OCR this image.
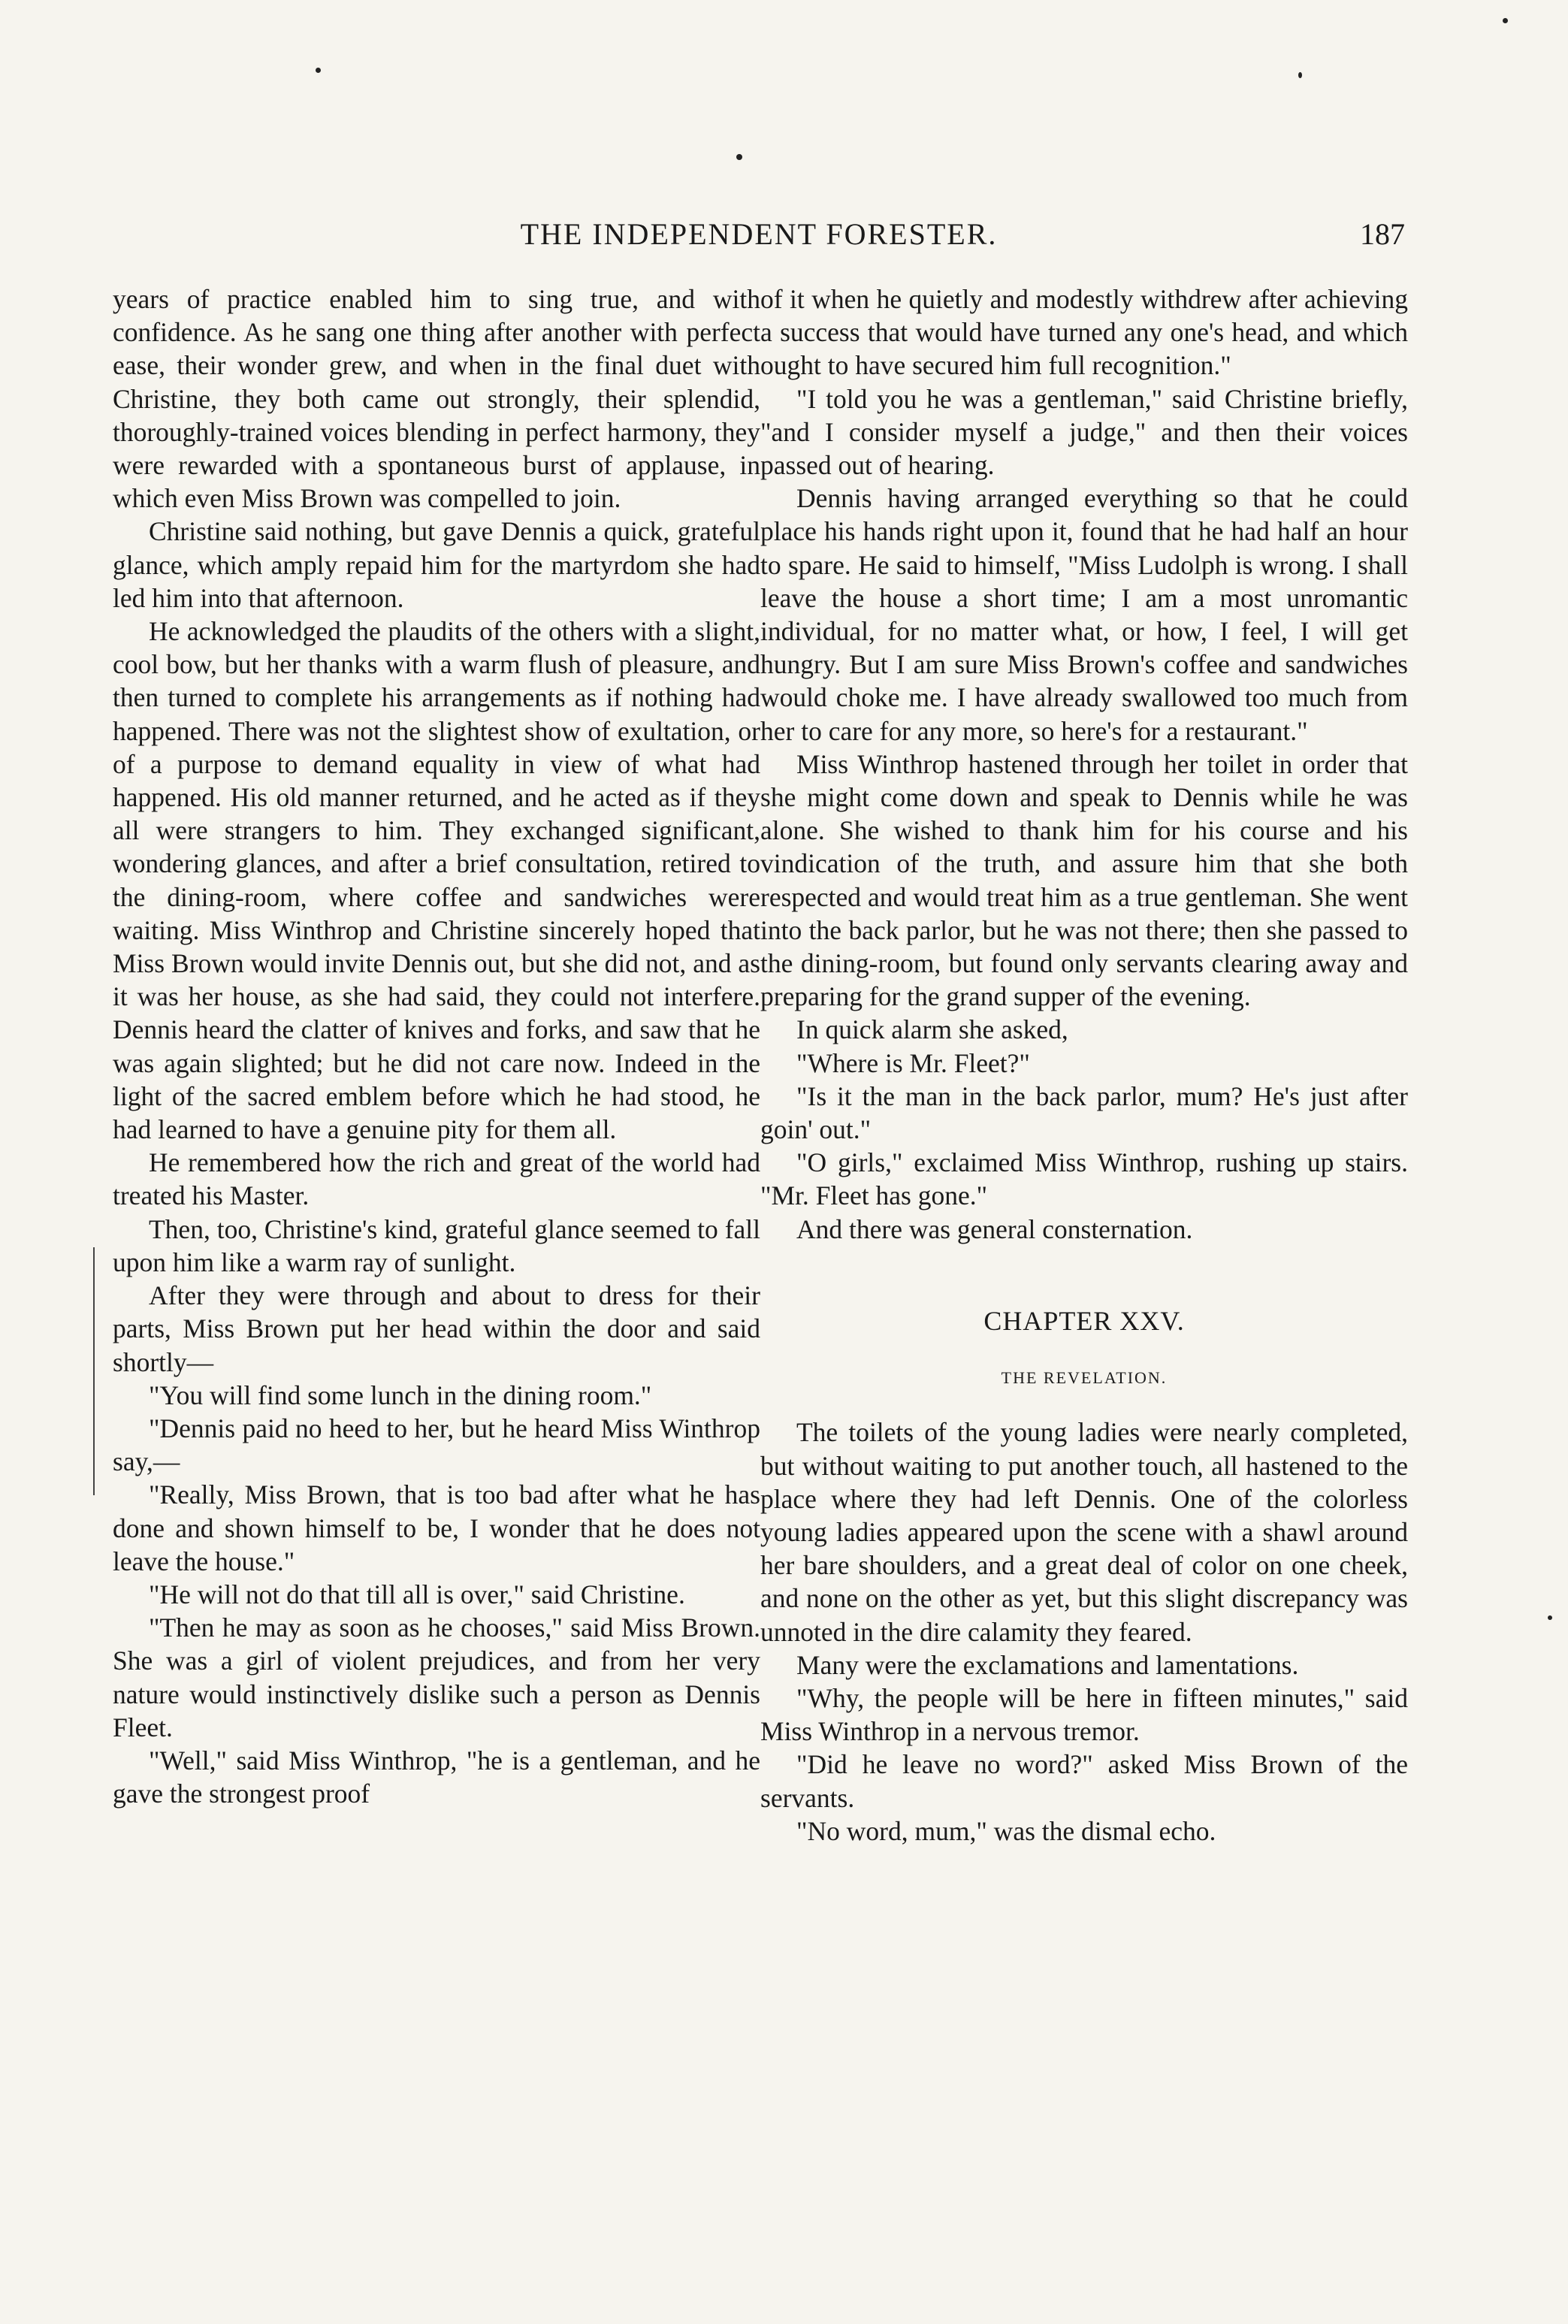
THE INDEPENDENT FORESTER.	187

years of practice enabled him to sing true, and with confidence. As he sang one thing after another with perfect ease, their wonder grew, and when in the final duet with Christine, they both came out strongly, their splendid, thoroughly-trained voices blending in perfect harmony, they were rewarded with a spontaneous burst of applause, in which even Miss Brown was compelled to join.

Christine said nothing, but gave Dennis a quick, grateful glance, which amply repaid him for the martyrdom she had led him into that afternoon.

He acknowledged the plaudits of the others with a slight, cool bow, but her thanks with a warm flush of pleasure, and then turned to complete his arrangements as if nothing had happened. There was not the slightest show of exultation, or of a purpose to demand equality in view of what had happened. His old manner returned, and he acted as if they all were strangers to him. They exchanged significant, wondering glances, and after a brief consultation, retired to the dining-room, where coffee and sandwiches were waiting. Miss Winthrop and Christine sincerely hoped that Miss Brown would invite Dennis out, but she did not, and as it was her house, as she had said, they could not interfere. Dennis heard the clatter of knives and forks, and saw that he was again slighted; but he did not care now. Indeed in the light of the sacred emblem before which he had stood, he had learned to have a genuine pity for them all.

He remembered how the rich and great of the world had treated his Master.

Then, too, Christine's kind, grateful glance seemed to fall upon him like a warm ray of sunlight.

After they were through and about to dress for their parts, Miss Brown put her head within the door and said shortly—

"You will find some lunch in the dining room."

"Dennis paid no heed to her, but he heard Miss Winthrop say,—

"Really, Miss Brown, that is too bad after what he has done and shown himself to be, I wonder that he does not leave the house."

"He will not do that till all is over," said Christine.

"Then he may as soon as he chooses," said Miss Brown. She was a girl of violent prejudices, and from her very nature would instinctively dislike such a person as Dennis Fleet.

"Well," said Miss Winthrop, "he is a gentleman, and he gave the strongest proof

of it when he quietly and modestly withdrew after achieving a success that would have turned any one's head, and which ought to have secured him full recognition."

"I told you he was a gentleman," said Christine briefly, "and I consider myself a judge," and then their voices passed out of hearing.

Dennis having arranged everything so that he could place his hands right upon it, found that he had half an hour to spare. He said to himself, "Miss Ludolph is wrong. I shall leave the house a short time; I am a most unromantic individual, for no matter what, or how, I feel, I will get hungry. But I am sure Miss Brown's coffee and sandwiches would choke me. I have already swallowed too much from her to care for any more, so here's for a restaurant."

Miss Winthrop hastened through her toilet in order that she might come down and speak to Dennis while he was alone. She wished to thank him for his course and his vindication of the truth, and assure him that she both respected and would treat him as a true gentleman. She went into the back parlor, but he was not there; then she passed to the dining-room, but found only servants clearing away and preparing for the grand supper of the evening.

In quick alarm she asked,

"Where is Mr. Fleet?"

"Is it the man in the back parlor, mum? He's just after goin' out."

"O girls," exclaimed Miss Winthrop, rushing up stairs. "Mr. Fleet has gone."

And there was general consternation.

CHAPTER XXV.

THE REVELATION.

The toilets of the young ladies were nearly completed, but without waiting to put another touch, all hastened to the place where they had left Dennis. One of the colorless young ladies appeared upon the scene with a shawl around her bare shoulders, and a great deal of color on one cheek, and none on the other as yet, but this slight discrepancy was unnoted in the dire calamity they feared.

Many were the exclamations and lamentations.

"Why, the people will be here in fifteen minutes," said Miss Winthrop in a nervous tremor.

"Did he leave no word?" asked Miss Brown of the servants.

"No word, mum," was the dismal echo.
